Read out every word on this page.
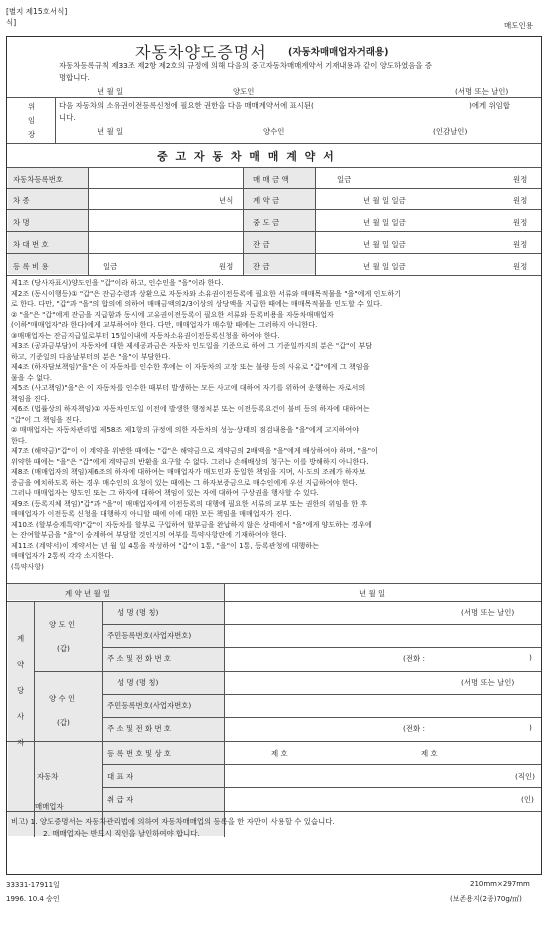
[별지 제15호서식]
식]	매도인용
자동차양도증명서 (자동차매매업자거래용)
자동차등록규칙 제33조 제2항 제2호의 규정에 의해 다음의 중고자동차매매계약서 기재내용과 같이 양도하였음을 증
명합니다.
년 월 일	양도인	(서명 또는 날인)
위
임
장
다음 자동차의 소유권이전등록신청에 필요한 권한을 다음 매매계약서에 표시된(	)에게 위임합
니다.
년 월 일	양수인	(인감날인)
중 고 자 동 차 매 매 계 약 서
자동차등록번호	매 매 금 액	일금	원정
차 종	년식	계 약 금	년 월 일 일금	원정
차 명	중 도 금	년 월 일 일금	원정
차 대 번 호	잔 금	년 월 일 일금	원정
등 록 비 용	일금	원정	잔 금	년 월 일 일금	원정
제1조 (당사자표시)양도인을 "갑"이라 하고, 인수인을 "을"이라 한다.
제2조 (동시이행등)① "갑"은 잔금수령과 상환으로 자동차와 소유권이전등록에 필요한 서류와 매매목적물을 "을"에게 인도하기
로 한다. 다만, "갑"과 "을"의 합의에 의하여 매매금액의2/3이상의 상당액을 지급한 때에는 매매목적물을 인도할 수 있다.
② "을"은 "갑"에게 잔금을 지급함과 동시에 고유권이전등록이 필요한 서류와 등록비용을 자동차매매업자
(이하"매매업자"라 한다)에게 교부하여야 한다. 다만, 매매업자가 매수할 때에는 그러하지 아니한다.
③매매업자는 잔금지급일로부터 15일이내에 자동차소유권이전등록신청을 하여야 한다.
제3조 (공과금부담)이 자동차에 대한 제세공과금은 자동차 인도일을 기준으로 하여 그 기준일까지의 분은 "갑"이 부담
하고, 기준일의 다음날부터의 분은 "을"이 부담한다.
제4조 (하자담보책임)"을"은 이 자동차를 인수한 후에는 이 자동차의 고장 또는 불량 등의 사유로 "갑"에게 그 책임을
물을 수 없다.
제5조 (사고책임)"을"은 이 자동차를 인수한 때부터 발생하는 모든 사고에 대하여 자기를 위하여 운행하는 자로서의
책임을 진다.
제6조 (법률상의 하자책임)① 자동차인도일 이전에 발생한 행정처분 또는 이전등록요건이 불비 등의 하자에 대하여는
"갑"이 그 책임을 진다.
② 매매업자는 자동차관리법 제58조 제1항의 규정에 의한 자동차의 성능·상태의 점검내용을 "을"에게 고지하여야
한다.
제7조 (해약금)"갑"이 이 계약을 위반한 때에는 "갑"은 해약금으로 계약금의 2배액을 "을"에게 배상하여야 하며, "을"이
위약한 때에는 "을"은 "갑"에게 계약금의 반환을 요구할 수 없다. 그러나 손해배상의 청구는 이를 방해하지 아니한다.
제8조 (매매업자의 책임)제6조의 하자에 대하여는 매매업자가 매도인과 동일한 책임을 지며, 시·도의 조례가 하자보
증금을 예치하도록 하는 경우 매수인의 요청이 있는 때에는 그 하자보증금으로 매수인에게 우선 지급하여야 한다.
그러나 매매업자는 양도인 또는 그 하자에 대하여 책임이 있는 자에 대하여 구상권을 행사할 수 있다.
제9조 (등록지체 책임)"갑"과 "을"이 매매업자에게 이전등록의 대행에 필요한 서류의 교부 또는 권한의 위임을 한 후
매매업자가 이전등록 신청을 대행하지 아니할 때에 이에 대한 모든 책임을 매매업자가 진다.
제10조 (할부승계특약)"갑"이 자동차를 할부로 구입하여 할부금을 완납하지 않은 상태에서 "을"에게 양도하는 경우에
는 잔여할부금을 "을"이 승계하여 부담할 것인지의 여부를 특약사항란에 기재하여야 한다.
제11조 (계약서)이 계약서는 년 월 일 4통을 작성하여 "갑"이 1통, "을"이 1통, 등록관청에 대행하는
매매업자가 2통씩 각각 소지한다.
(특약사항)
계 약 년 월 일	년 월 일
계
약
당
사
자
양 도 인
(갑)
성 명 (명 칭)	(서명 또는 날인)
주민등록번호(사업자번호)
주 소 및 전 화 번 호	(전화 :	)
양 수 인
(갑)
성 명 (명 칭)	(서명 또는 날인)
주민등록번호(사업자번호)
주 소 및 전 화 번 호	(전화 :	)
자동차
매매업자
등 록 번 호 및 상 호	제 호	제 호
대 표 자	(직인)
취 급 자	(인)
비고) 1. 양도증명서는 자동차관리법에 의하여 자동차매매업의 등록을 한 자만이 사용할 수 있습니다.
2. 매매업자는 반드시 직인을 날인하여야 합니다.
33331-17911일	210mm×297mm
1996. 10.4 승인	(보존용지(2종)70g/㎡)
